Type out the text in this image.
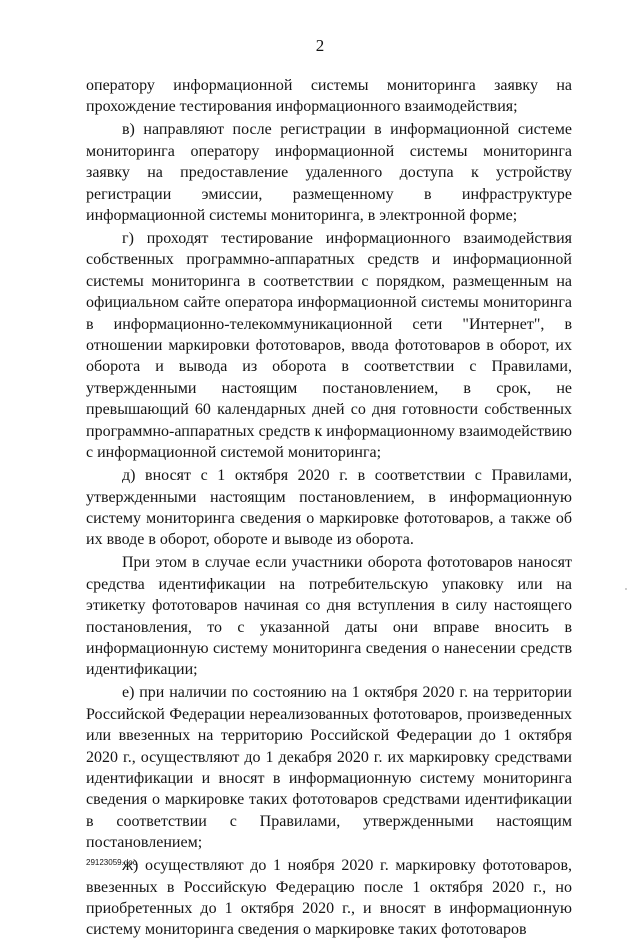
2

оператору информационной системы мониторинга заявку на прохождение тестирования информационного взаимодействия;

в) направляют после регистрации в информационной системе мониторинга оператору информационной системы мониторинга заявку на предоставление удаленного доступа к устройству регистрации эмиссии, размещенному в инфраструктуре информационной системы мониторинга, в электронной форме;

г) проходят тестирование информационного взаимодействия собственных программно-аппаратных средств и информационной системы мониторинга в соответствии с порядком, размещенным на официальном сайте оператора информационной системы мониторинга в информационно-телекоммуникационной сети "Интернет", в отношении маркировки фототоваров, ввода фототоваров в оборот, их оборота и вывода из оборота в соответствии с Правилами, утвержденными настоящим постановлением, в срок, не превышающий 60 календарных дней со дня готовности собственных программно-аппаратных средств к информационному взаимодействию с информационной системой мониторинга;

д) вносят с 1 октября 2020 г. в соответствии с Правилами, утвержденными настоящим постановлением, в информационную систему мониторинга сведения о маркировке фототоваров, а также об их вводе в оборот, обороте и выводе из оборота.

При этом в случае если участники оборота фототоваров наносят средства идентификации на потребительскую упаковку или на этикетку фототоваров начиная со дня вступления в силу настоящего постановления, то с указанной даты они вправе вносить в информационную систему мониторинга сведения о нанесении средств идентификации;

е) при наличии по состоянию на 1 октября 2020 г. на территории Российской Федерации нереализованных фототоваров, произведенных или ввезенных на территорию Российской Федерации до 1 октября 2020 г., осуществляют до 1 декабря 2020 г. их маркировку средствами идентификации и вносят в информационную систему мониторинга сведения о маркировке таких фототоваров средствами идентификации в соответствии с Правилами, утвержденными настоящим постановлением;

ж) осуществляют до 1 ноября 2020 г. маркировку фототоваров, ввезенных в Российскую Федерацию после 1 октября 2020 г., но приобретенных до 1 октября 2020 г., и вносят в информационную систему мониторинга сведения о маркировке таких фототоваров

29123059.doc
